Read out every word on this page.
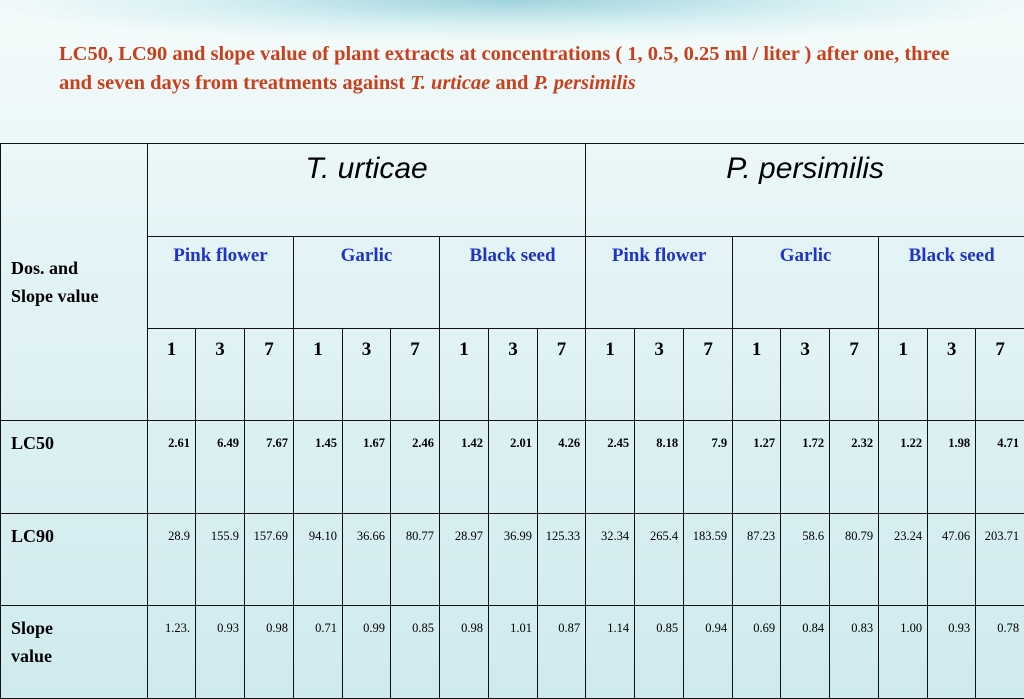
LC50, LC90 and slope value of plant extracts at concentrations ( 1, 0.5, 0.25 ml / liter ) after one, three and seven days from treatments against T. urticae and P. persimilis
Dos. and
Slope value	T. urticae									P. persimilis								
	Pink flower			Garlic			Black seed			Pink flower			Garlic			Black seed		
	1	3	7	1	3	7	1	3	7	1	3	7	1	3	7	1	3	7
LC50	2.61	6.49	7.67	1.45	1.67	2.46	1.42	2.01	4.26	2.45	8.18	7.9	1.27	1.72	2.32	1.22	1.98	4.71
LC90	28.9	155.9	157.69	94.10	36.66	80.77	28.97	36.99	125.33	32.34	265.4	183.59	87.23	58.6	80.79	23.24	47.06	203.71
Slope
value	1.23.	0.93	0.98	0.71	0.99	0.85	0.98	1.01	0.87	1.14	0.85	0.94	0.69	0.84	0.83	1.00	0.93	0.78
